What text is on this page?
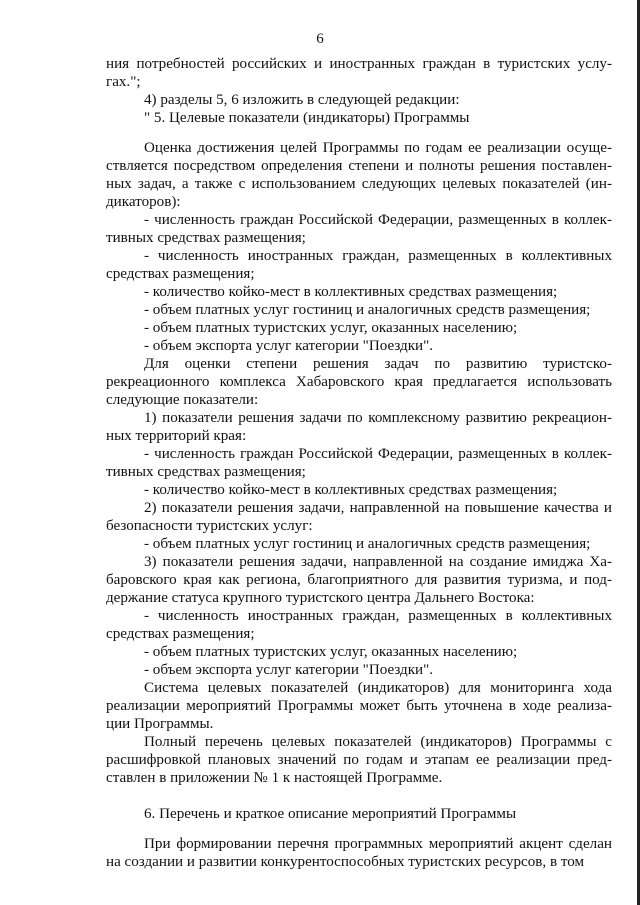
6

ния потребностей российских и иностранных граждан в туристских услу-гах.";

4) разделы 5, 6 изложить в следующей редакции:

" 5. Целевые показатели (индикаторы) Программы

Оценка достижения целей Программы по годам ее реализации осуще-ствляется посредством определения степени и полноты решения поставлен-ных задач, а также с использованием следующих целевых показателей (ин-дикаторов):

- численность граждан Российской Федерации, размещенных в коллек-тивных средствах размещения;

- численность иностранных граждан, размещенных в коллективных средствах размещения;

- количество койко-мест в коллективных средствах размещения;

- объем платных услуг гостиниц и аналогичных средств размещения;

- объем платных туристских услуг, оказанных населению;

- объем экспорта услуг категории "Поездки".

Для оценки степени решения задач по развитию туристско-рекреационного комплекса Хабаровского края предлагается использовать следующие показатели:

1) показатели решения задачи по комплексному развитию рекреацион-ных территорий края:

- численность граждан Российской Федерации, размещенных в коллек-тивных средствах размещения;

- количество койко-мест в коллективных средствах размещения;

2) показатели решения задачи, направленной на повышение качества и безопасности туристских услуг:

- объем платных услуг гостиниц и аналогичных средств размещения;

3) показатели решения задачи, направленной на создание имиджа Ха-баровского края как региона, благоприятного для развития туризма, и под-держание статуса крупного туристского центра Дальнего Востока:

- численность иностранных граждан, размещенных в коллективных средствах размещения;

- объем платных туристских услуг, оказанных населению;

- объем экспорта услуг категории "Поездки".

Система целевых показателей (индикаторов) для мониторинга хода реализации мероприятий Программы может быть уточнена в ходе реализа-ции Программы.

Полный перечень целевых показателей (индикаторов) Программы с расшифровкой плановых значений по годам и этапам ее реализации пред-ставлен в приложении № 1 к настоящей Программе.

6. Перечень и краткое описание мероприятий Программы

При формировании перечня программных мероприятий акцент сделан на создании и развитии конкурентоспособных туристских ресурсов, в том
